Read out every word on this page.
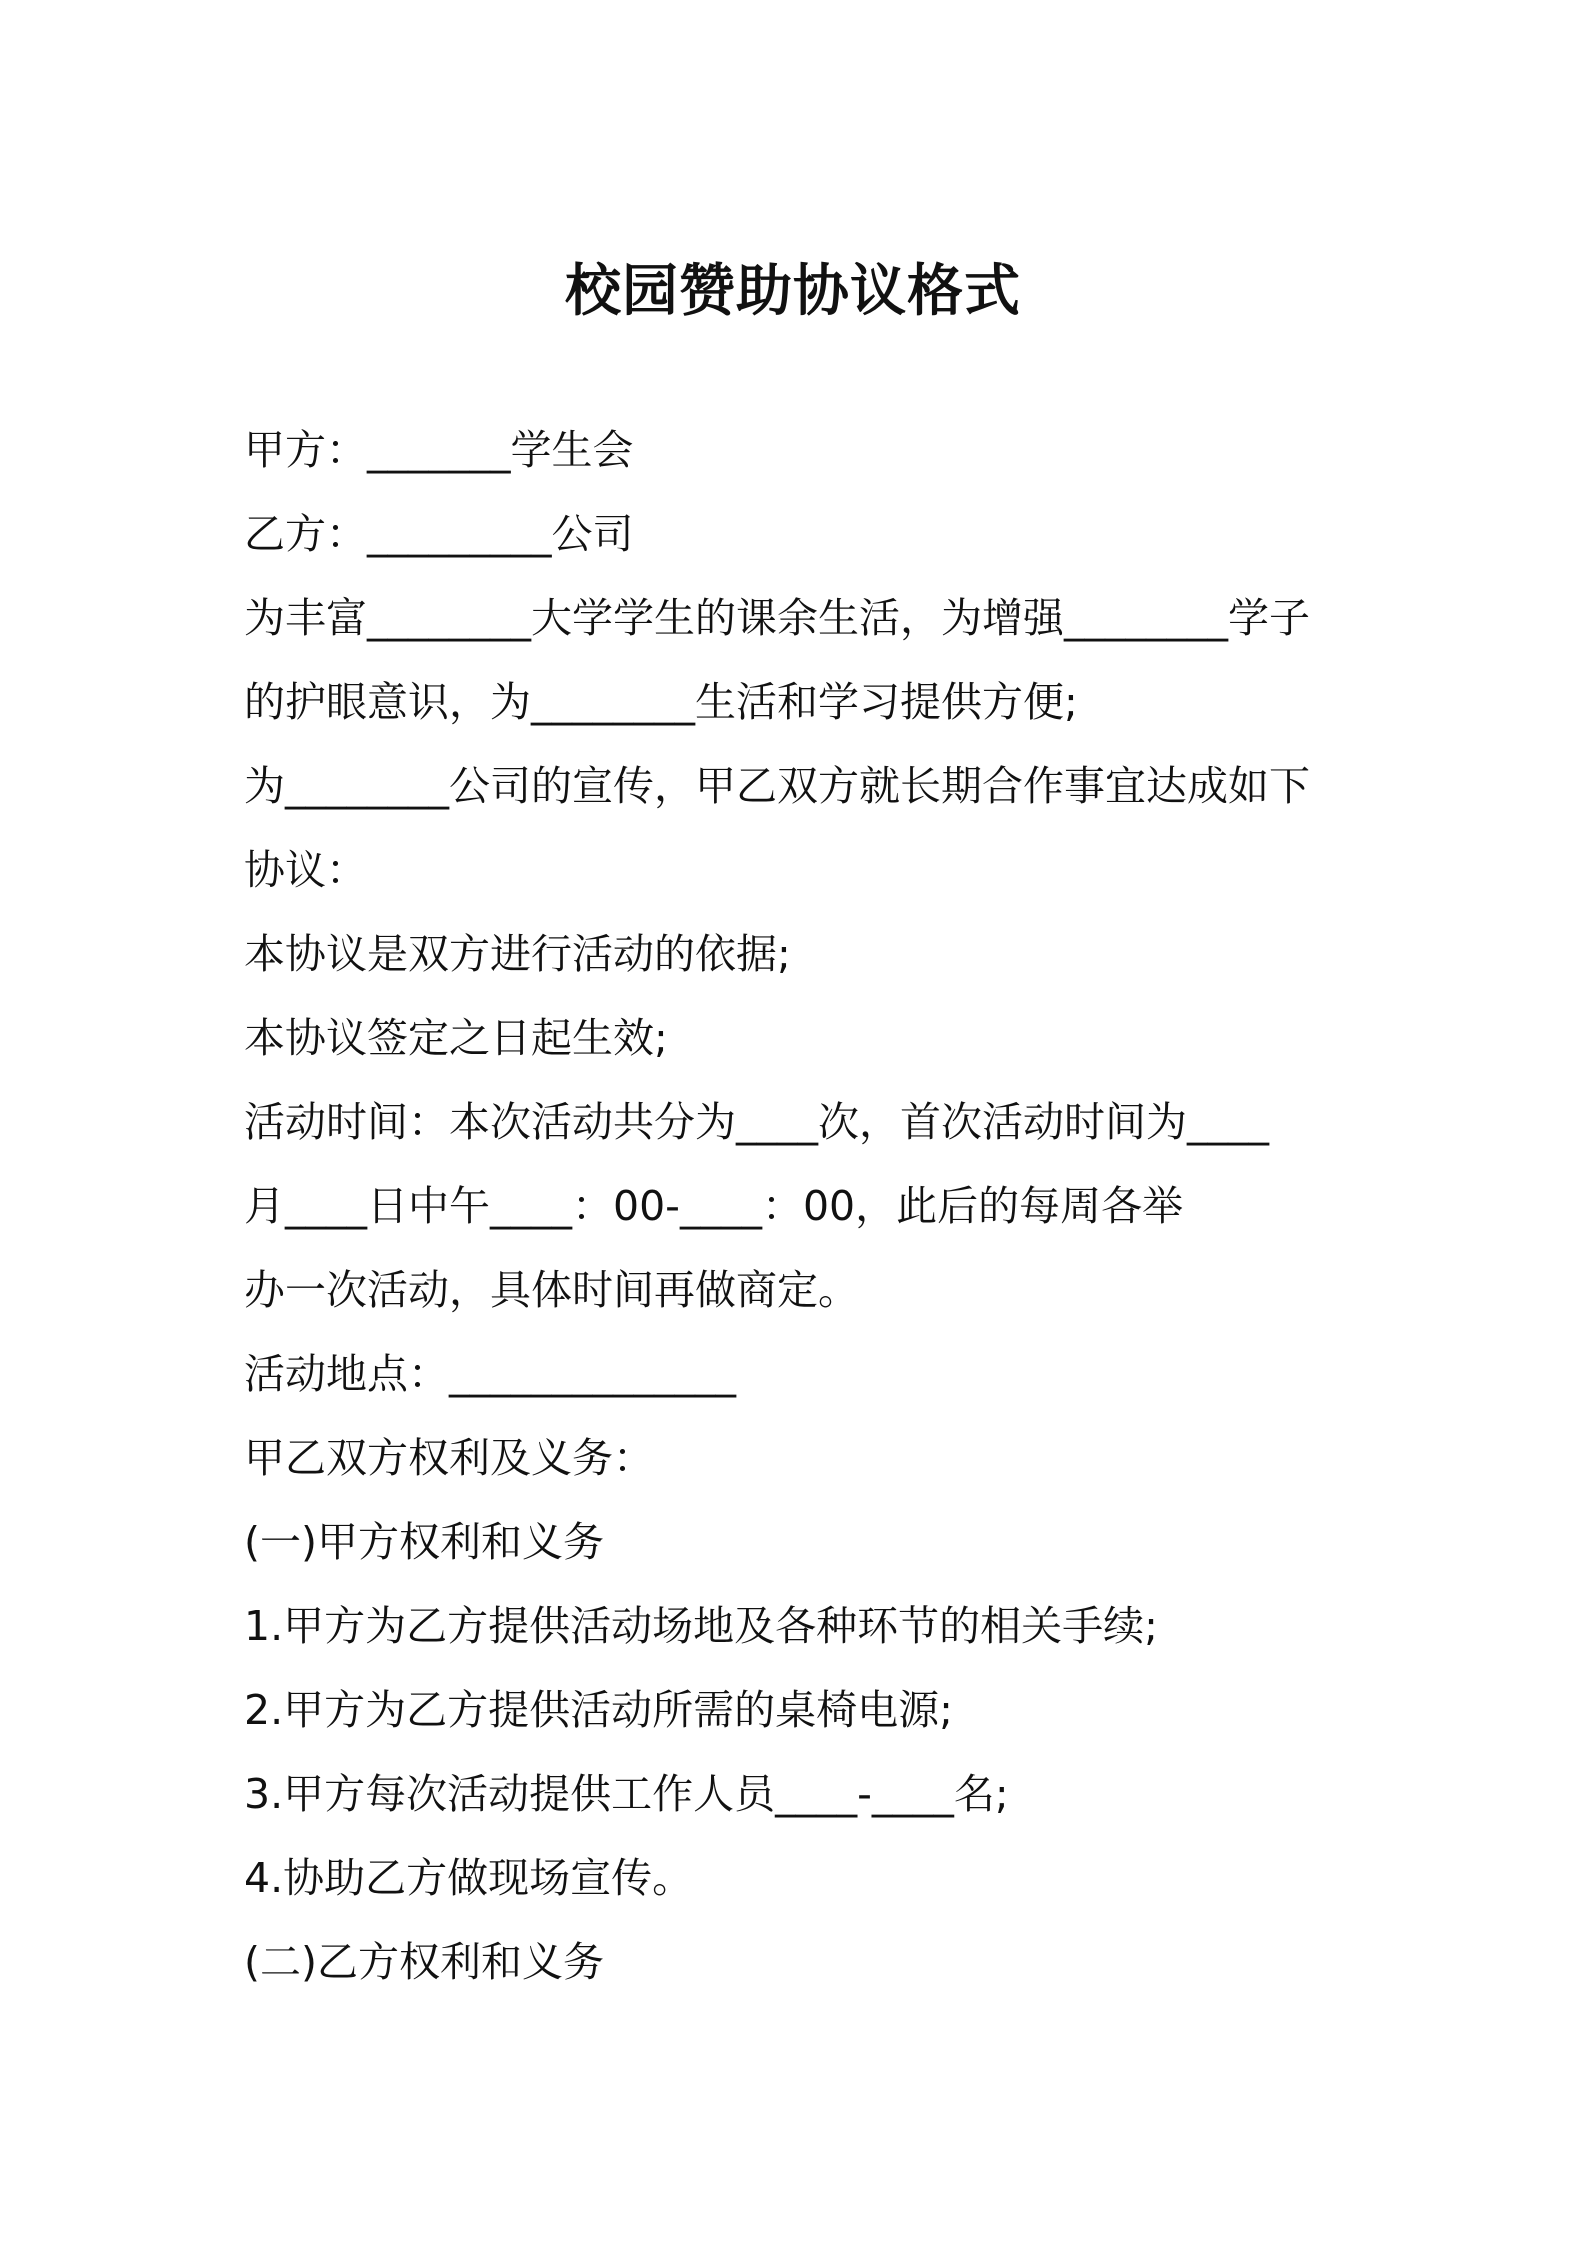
校园赞助协议格式
甲方：_______学生会
乙方：_________公司
为丰富________大学学生的课余生活，为增强________学子
的护眼意识，为________生活和学习提供方便;
为________公司的宣传，甲乙双方就长期合作事宜达成如下
协议：
本协议是双方进行活动的依据;
本协议签定之日起生效;
活动时间：本次活动共分为____次，首次活动时间为____
月____日中午____：00-____：00，此后的每周各举
办一次活动，具体时间再做商定。
活动地点：______________
甲乙双方权利及义务：
(一)甲方权利和义务
1.甲方为乙方提供活动场地及各种环节的相关手续;
2.甲方为乙方提供活动所需的桌椅电源;
3.甲方每次活动提供工作人员____-____名;
4.协助乙方做现场宣传。
(二)乙方权利和义务
